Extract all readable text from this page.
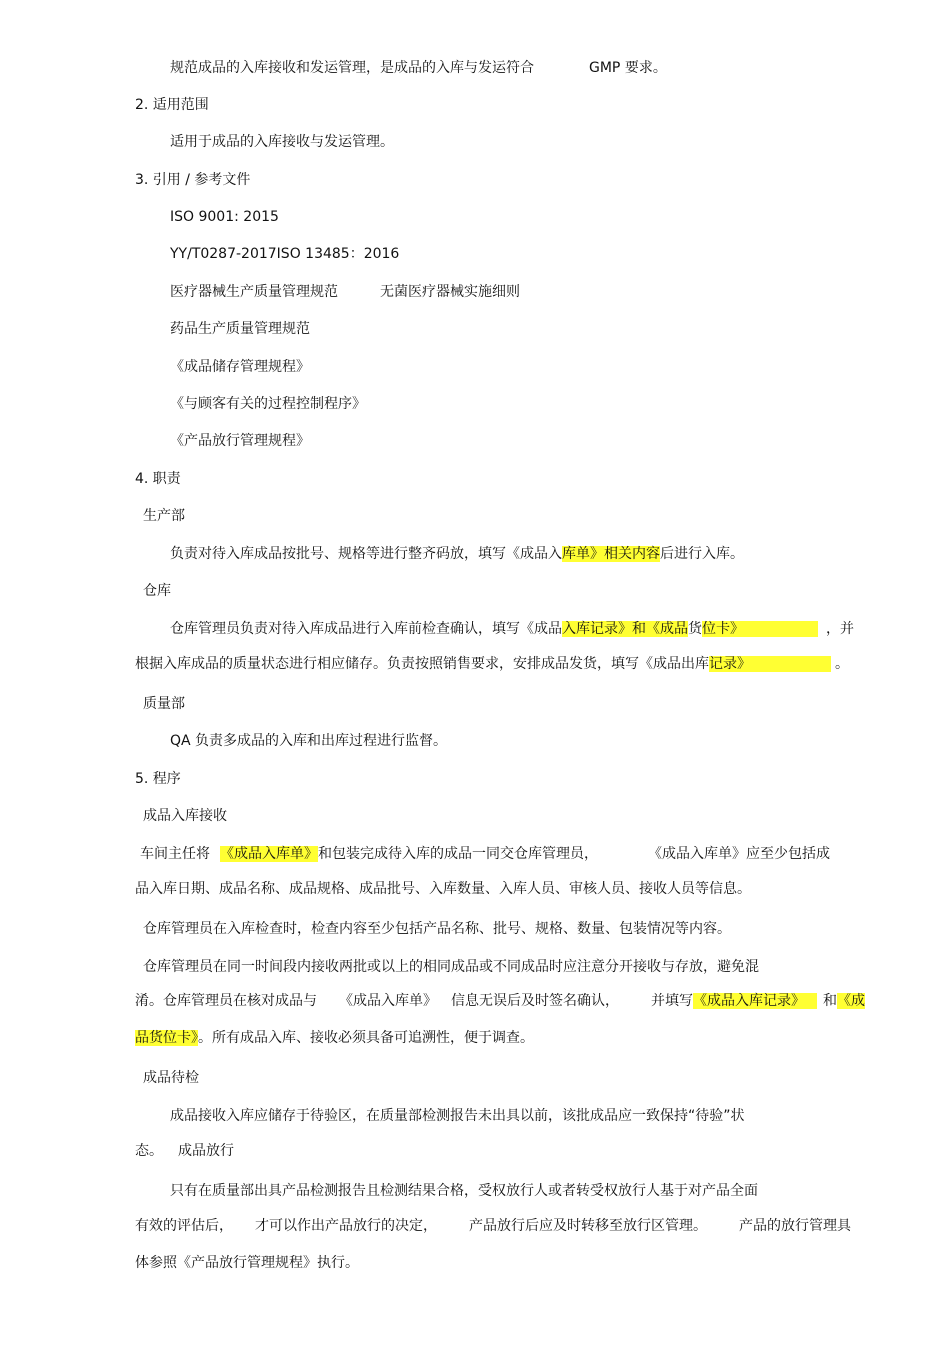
规范成品的入库接收和发运管理，是成品的入库与发运符合	GMP 要求。
2. 适用范围
适用于成品的入库接收与发运管理。
3. 引用 / 参考文件
ISO 9001: 2015
YY/T0287-2017ISO 13485：2016
医疗器械生产质量管理规范	无菌医疗器械实施细则
药品生产质量管理规范
《成品储存管理规程》
《与顾客有关的过程控制程序》
《产品放行管理规程》
4. 职责
生产部
负责对待入库成品按批号、规格等进行整齐码放，填写《成品入库单》相关内容后进行入库。
仓库
仓库管理员负责对待入库成品进行入库前检查确认，填写《成品入库记录》和《成品货位卡》	，并
根据入库成品的质量状态进行相应储存。负责按照销售要求，安排成品发货，填写《成品出库记录》	。
质量部
QA 负责多成品的入库和出库过程进行监督。
5. 程序
成品入库接收
车间主任将 《成品入库单》和包装完成待入库的成品一同交仓库管理员，	《成品入库单》应至少包括成
品入库日期、成品名称、成品规格、成品批号、入库数量、入库人员、审核人员、接收人员等信息。
仓库管理员在入库检查时，检查内容至少包括产品名称、批号、规格、数量、包装情况等内容。
仓库管理员在同一时间段内接收两批或以上的相同成品或不同成品时应注意分开接收与存放，避免混
淆。仓库管理员在核对成品与 《成品入库单》 信息无误后及时签名确认， 并填写《成品入库记录》 和《成
品货位卡》。所有成品入库、接收必须具备可追溯性，便于调查。
成品待检
成品接收入库应储存于待验区，在质量部检测报告未出具以前，该批成品应一致保持“待验”状
态。 成品放行
只有在质量部出具产品检测报告且检测结果合格，受权放行人或者转受权放行人基于对产品全面
有效的评估后， 才可以作出产品放行的决定， 产品放行后应及时转移至放行区管理。 产品的放行管理具
体参照《产品放行管理规程》执行。
